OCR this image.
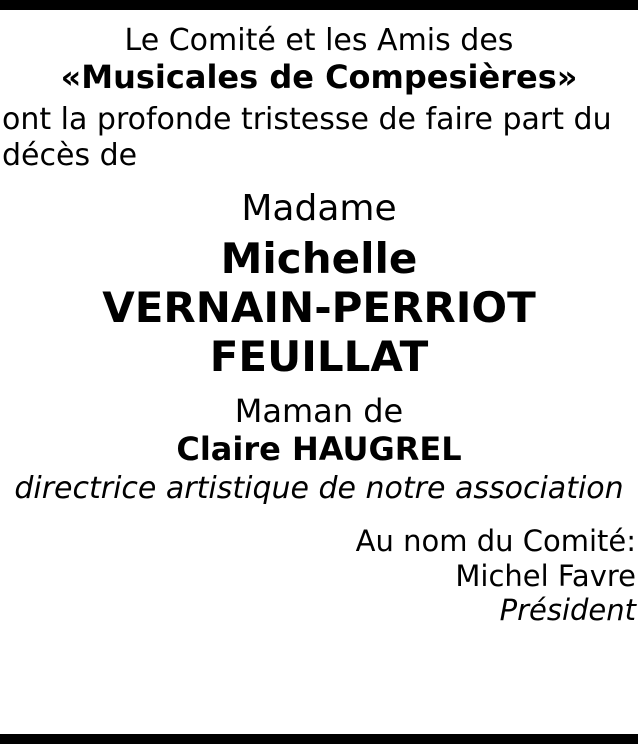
Le Comité et les Amis des
«Musicales de Compesières»
ont la profonde tristesse de faire part du
décès de
Madame
Michelle
VERNAIN-PERRIOT
FEUILLAT
Maman de
Claire HAUGREL
directrice artistique de notre association
Au nom du Comité:
Michel Favre
Président
